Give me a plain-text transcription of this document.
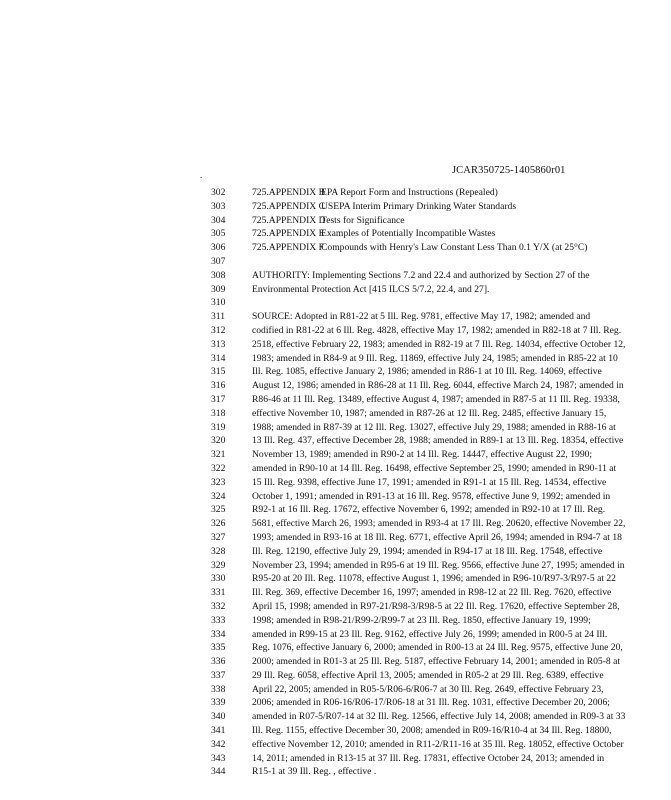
.	JCAR350725-1405860r01
302	725.APPENDIX B
EPA Report Form and Instructions (Repealed)
303	725.APPENDIX C
USEPA Interim Primary Drinking Water Standards
304	725.APPENDIX D
Tests for Significance
305	725.APPENDIX E
Examples of Potentially Incompatible Wastes
306	725.APPENDIX F
Compounds with Henry's Law Constant Less Than 0.1 Y/X (at 25°C)
307
308	AUTHORITY: Implementing Sections 7.2 and 22.4 and authorized by Section 27 of the
309	Environmental Protection Act [415 ILCS 5/7.2, 22.4, and 27].
310
311	SOURCE: Adopted in R81-22 at 5 Ill. Reg. 9781, effective May 17, 1982; amended and
312	codified in R81-22 at 6 Ill. Reg. 4828, effective May 17, 1982; amended in R82-18 at 7 Ill. Reg.
313	2518, effective February 22, 1983; amended in R82-19 at 7 Ill. Reg. 14034, effective October 12,
314	1983; amended in R84-9 at 9 Ill. Reg. 11869, effective July 24, 1985; amended in R85-22 at 10
315	Ill. Reg. 1085, effective January 2, 1986; amended in R86-1 at 10 Ill. Reg. 14069, effective
316	August 12, 1986; amended in R86-28 at 11 Ill. Reg. 6044, effective March 24, 1987; amended in
317	R86-46 at 11 Ill. Reg. 13489, effective August 4, 1987; amended in R87-5 at 11 Ill. Reg. 19338,
318	effective November 10, 1987; amended in R87-26 at 12 Ill. Reg. 2485, effective January 15,
319	1988; amended in R87-39 at 12 Ill. Reg. 13027, effective July 29, 1988; amended in R88-16 at
320	13 Ill. Reg. 437, effective December 28, 1988; amended in R89-1 at 13 Ill. Reg. 18354, effective
321	November 13, 1989; amended in R90-2 at 14 Ill. Reg. 14447, effective August 22, 1990;
322	amended in R90-10 at 14 Ill. Reg. 16498, effective September 25, 1990; amended in R90-11 at
323	15 Ill. Reg. 9398, effective June 17, 1991; amended in R91-1 at 15 Ill. Reg. 14534, effective
324	October 1, 1991; amended in R91-13 at 16 Ill. Reg. 9578, effective June 9, 1992; amended in
325	R92-1 at 16 Ill. Reg. 17672, effective November 6, 1992; amended in R92-10 at 17 Ill. Reg.
326	5681, effective March 26, 1993; amended in R93-4 at 17 Ill. Reg. 20620, effective November 22,
327	1993; amended in R93-16 at 18 Ill. Reg. 6771, effective April 26, 1994; amended in R94-7 at 18
328	Ill. Reg. 12190, effective July 29, 1994; amended in R94-17 at 18 Ill. Reg. 17548, effective
329	November 23, 1994; amended in R95-6 at 19 Ill. Reg. 9566, effective June 27, 1995; amended in
330	R95-20 at 20 Ill. Reg. 11078, effective August 1, 1996; amended in R96-10/R97-3/R97-5 at 22
331	Ill. Reg. 369, effective December 16, 1997; amended in R98-12 at 22 Ill. Reg. 7620, effective
332	April 15, 1998; amended in R97-21/R98-3/R98-5 at 22 Ill. Reg. 17620, effective September 28,
333	1998; amended in R98-21/R99-2/R99-7 at 23 Ill. Reg. 1850, effective January 19, 1999;
334	amended in R99-15 at 23 Ill. Reg. 9162, effective July 26, 1999; amended in R00-5 at 24 Ill.
335	Reg. 1076, effective January 6, 2000; amended in R00-13 at 24 Ill. Reg. 9575, effective June 20,
336	2000; amended in R01-3 at 25 Ill. Reg. 5187, effective February 14, 2001; amended in R05-8 at
337	29 Ill. Reg. 6058, effective April 13, 2005; amended in R05-2 at 29 Ill. Reg. 6389, effective
338	April 22, 2005; amended in R05-5/R06-6/R06-7 at 30 Ill. Reg. 2649, effective February 23,
339	2006; amended in R06-16/R06-17/R06-18 at 31 Ill. Reg. 1031, effective December 20, 2006;
340	amended in R07-5/R07-14 at 32 Ill. Reg. 12566, effective July 14, 2008; amended in R09-3 at 33
341	Ill. Reg. 1155, effective December 30, 2008; amended in R09-16/R10-4 at 34 Ill. Reg. 18800,
342	effective November 12, 2010; amended in R11-2/R11-16 at 35 Ill. Reg. 18052, effective October
343	14, 2011; amended in R13-15 at 37 Ill. Reg. 17831, effective October 24, 2013; amended in
344	R15-1 at 39 Ill. Reg. , effective .
